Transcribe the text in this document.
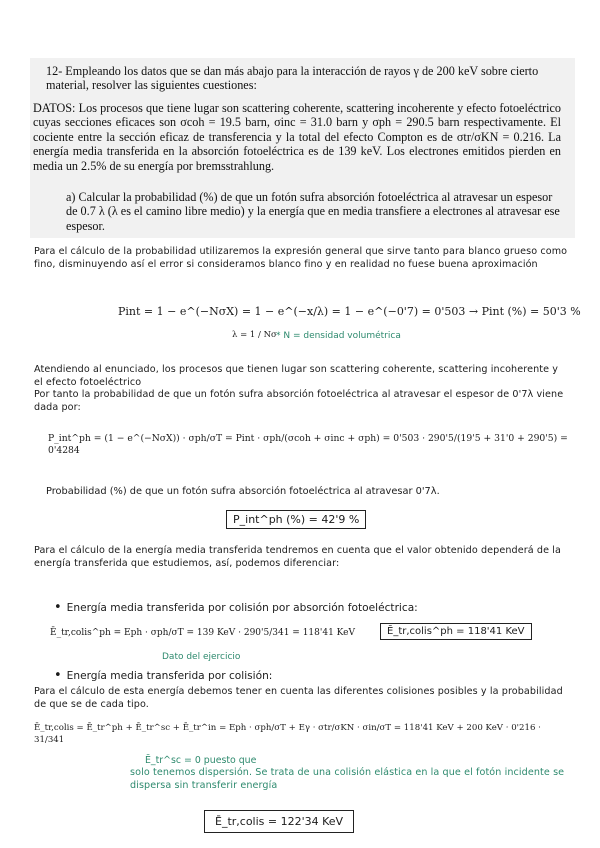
12- Empleando los datos que se dan más abajo para la interacción de rayos γ de 200 keV sobre cierto material, resolver las siguientes cuestiones:
DATOS: Los procesos que tiene lugar son scattering coherente, scattering incoherente y efecto fotoeléctrico cuyas secciones eficaces son σcoh = 19.5 barn, σinc = 31.0 barn y σph = 290.5 barn respectivamente. El cociente entre la sección eficaz de transferencia y la total del efecto Compton es de σtr/σKN = 0.216. La energía media transferida en la absorción fotoeléctrica es de 139 keV. Los electrones emitidos pierden en media un 2.5% de su energía por bremsstrahlung.
a) Calcular la probabilidad (%) de que un fotón sufra absorción fotoeléctrica al atravesar un espesor de 0.7 λ (λ es el camino libre medio) y la energía que en media transfiere a electrones al atravesar ese espesor.
Para el cálculo de la probabilidad utilizaremos la expresión general que sirve tanto para blanco grueso como fino, disminuyendo así el error si consideramos blanco fino y en realidad no fuese buena aproximación
Pint = 1 − e^(−NσX) = 1 − e^(−x/λ) = 1 − e^(−0'7) = 0'503 → Pint (%) = 50'3 %
λ = 1 / Nσ * N = densidad volumétrica
Atendiendo al enunciado, los procesos que tienen lugar son scattering coherente, scattering incoherente y el efecto fotoeléctrico
Por tanto la probabilidad de que un fotón sufra absorción fotoeléctrica al atravesar el espesor de 0'7λ viene dada por:
P_int^ph = (1 − e^(−NσX)) · σph/σT = Pint · σph/(σcoh + σinc + σph) = 0'503 · 290'5/(19'5 + 31'0 + 290'5) = 0'4284
Probabilidad (%) de que un fotón sufra absorción fotoeléctrica al atravesar 0'7λ.
P_int^ph (%) = 42'9 %
Para el cálculo de la energía media transferida tendremos en cuenta que el valor obtenido dependerá de la energía transferida que estudiemos, así, podemos diferenciar:
• Energía media transferida por colisión por absorción fotoeléctrica:
Ē_tr,colis^ph = Eph · σph/σT = 139 KeV · 290'5/341 = 118'41 KeV	Ē_tr,colis^ph = 118'41 KeV
Dato del ejercicio
• Energía media transferida por colisión:
Para el cálculo de esta energía debemos tener en cuenta las diferentes colisiones posibles y la probabilidad de que se de cada tipo.
Ē_tr,colis = Ē_tr^ph + Ē_tr^sc + Ē_tr^in = Eph · σph/σT + Eγ · σtr/σKN · σin/σT = 118'41 KeV + 200 KeV · 0'216 · 31/341
Ē_tr^sc = 0 puesto que
solo tenemos dispersión. Se trata de una colisión elástica en la que el fotón incidente se dispersa sin transferir energía
Ē_tr,colis = 122'34 KeV
